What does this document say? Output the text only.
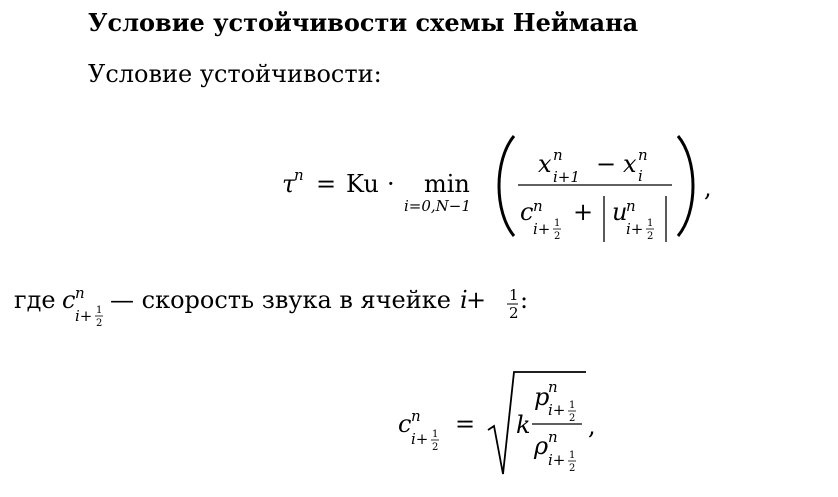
Условие устойчивости схемы Неймана
Условие устойчивости:
τ
n = Ku · min
i=0,N−1
x n
i+1 − x n
i
c n
i+ 1
2
+ u
n
i+ 1
2
,
где c n
i+ 1
2
— скорость звука в ячейке i
+ 1
2 :
c n
i+ 1
2
= k
p
n
i+ 1
2
ρ n
i+ 1
2
,
